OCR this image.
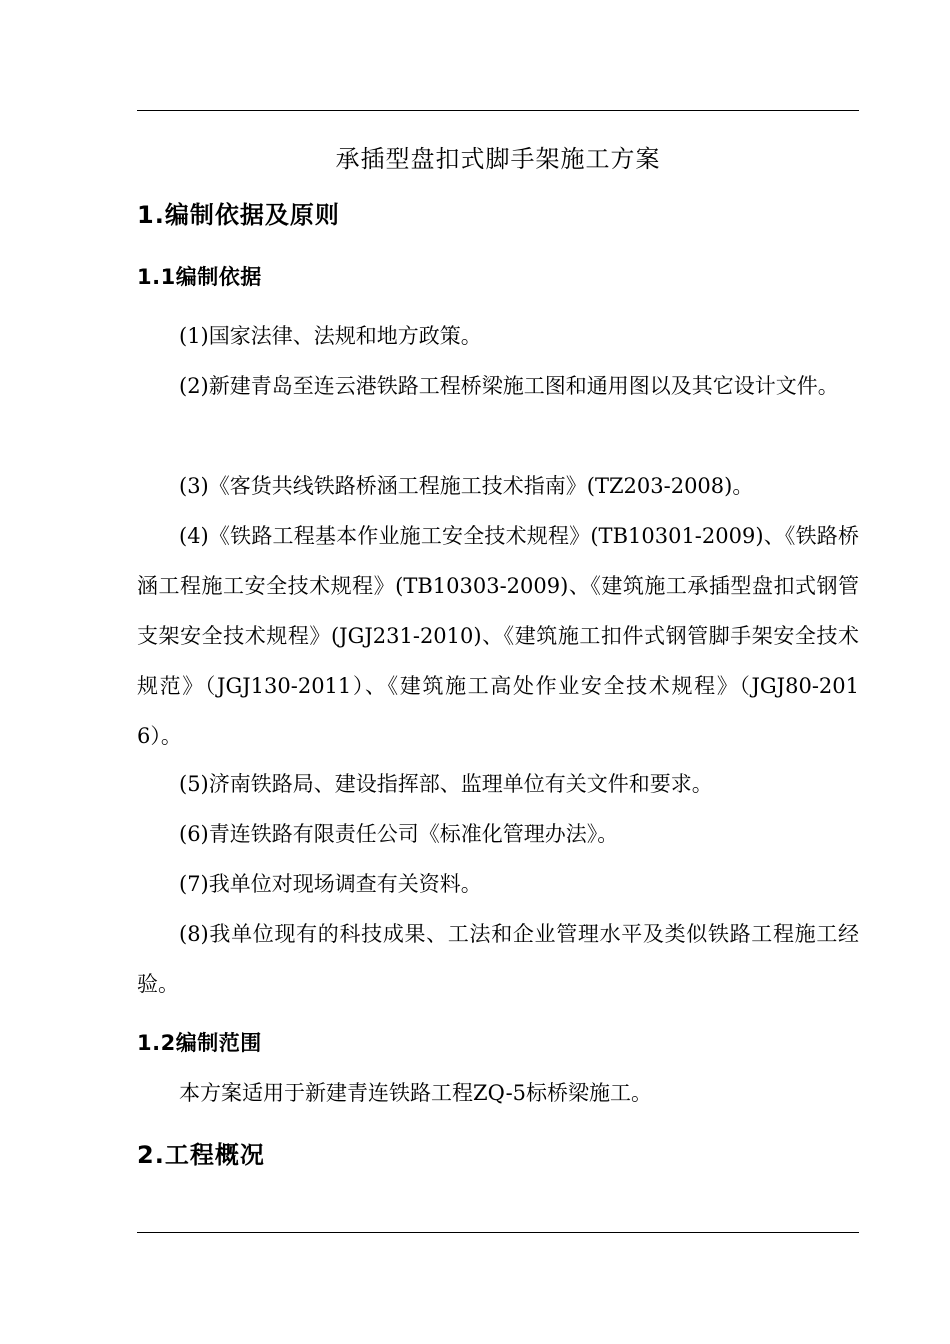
承插型盘扣式脚手架施工方案
1.编制依据及原则
1.1编制依据

(1)国家法律、法规和地方政策。

(2)新建青岛至连云港铁路工程桥梁施工图和通用图以及其它设计文件。

(3)《客货共线铁路桥涵工程施工技术指南》(TZ203-2008)。

(4)《铁路工程基本作业施工安全技术规程》(TB10301-2009)、《铁路桥涵工程施工安全技术规程》(TB10303-2009)、《建筑施工承插型盘扣式钢管支架安全技术规程》(JGJ231-2010)、《建筑施工扣件式钢管脚手架安全技术规范》（JGJ130-2011）、《建筑施工高处作业安全技术规程》（JGJ80-2016）。

(5)济南铁路局、建设指挥部、监理单位有关文件和要求。

(6)青连铁路有限责任公司《标准化管理办法》。

(7)我单位对现场调查有关资料。

(8)我单位现有的科技成果、工法和企业管理水平及类似铁路工程施工经验。

1.2编制范围

本方案适用于新建青连铁路工程ZQ-5标桥梁施工。

2.工程概况
